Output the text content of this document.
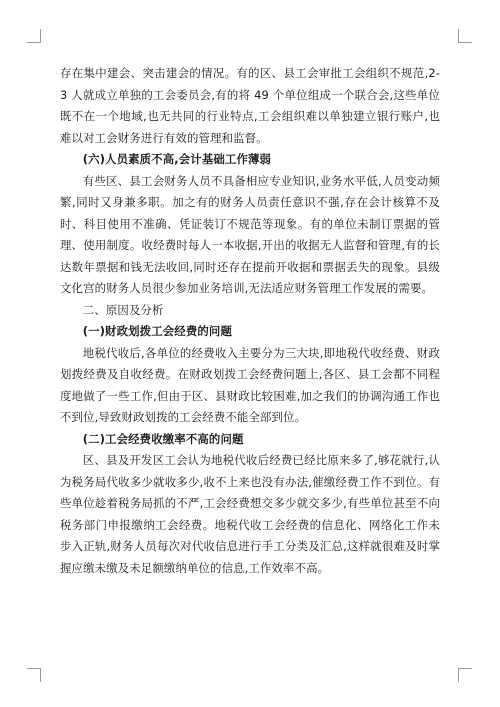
存在集中建会、突击建会的情况。有的区、县工会审批工会组织不规范,2-3 人就成立单独的工会委员会,有的将 49 个单位组成一个联合会,这些单位既不在一个地域,也无共同的行业特点,工会组织难以单独建立银行账户,也难以对工会财务进行有效的管理和监督。

(六)人员素质不高,会计基础工作薄弱

有些区、县工会财务人员不具备相应专业知识,业务水平低,人员变动频繁,同时又身兼多职。加之有的财务人员责任意识不强,存在会计核算不及时、科目使用不准确、凭证装订不规范等现象。有的单位未制订票据的管理、使用制度。收经费时每人一本收据,开出的收据无人监督和管理,有的长达数年票据和钱无法收回,同时还存在提前开收据和票据丢失的现象。县级文化宫的财务人员很少参加业务培训,无法适应财务管理工作发展的需要。

二、原因及分析

(一)财政划拨工会经费的问题

地税代收后,各单位的经费收入主要分为三大块,即地税代收经费、财政划拨经费及自收经费。在财政划拨工会经费问题上,各区、县工会都不同程度地做了一些工作,但由于区、县财政比较困难,加之我们的协调沟通工作也不到位,导致财政划拨的工会经费不能全部到位。

(二)工会经费收缴率不高的问题

区、县及开发区工会认为地税代收后经费已经比原来多了,够花就行,认为税务局代收多少就收多少,收不上来也没有办法,催缴经费工作不到位。有些单位趁着税务局抓的不严,工会经费想交多少就交多少,有些单位甚至不向税务部门申报缴纳工会经费。地税代收工会经费的信息化、网络化工作未步入正轨,财务人员每次对代收信息进行手工分类及汇总,这样就很难及时掌握应缴未缴及未足额缴纳单位的信息,工作效率不高。
